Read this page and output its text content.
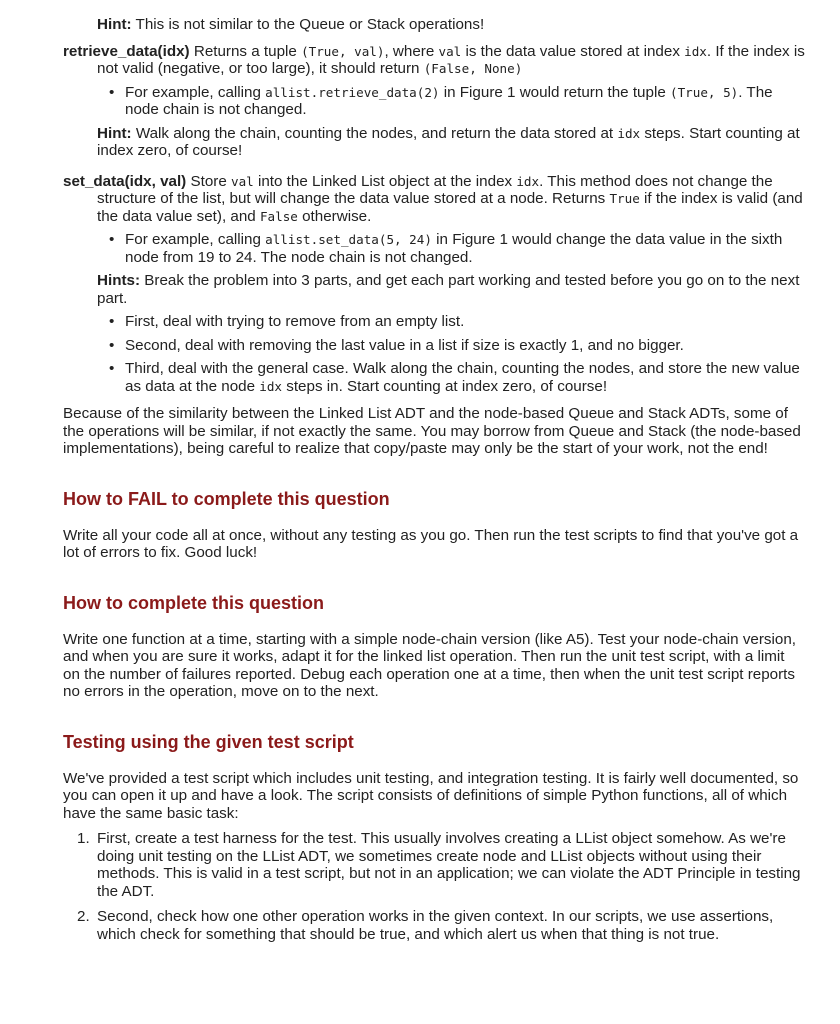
Hint: This is not similar to the Queue or Stack operations!

retrieve_data(idx) Returns a tuple (True, val), where val is the data value stored at index idx. If the index is not valid (negative, or too large), it should return (False, None)

• For example, calling allist.retrieve_data(2) in Figure 1 would return the tuple (True, 5). The node chain is not changed.

Hint: Walk along the chain, counting the nodes, and return the data stored at idx steps. Start counting at index zero, of course!

set_data(idx, val) Store val into the Linked List object at the index idx. This method does not change the structure of the list, but will change the data value stored at a node. Returns True if the index is valid (and the data value set), and False otherwise.

• For example, calling allist.set_data(5, 24) in Figure 1 would change the data value in the sixth node from 19 to 24. The node chain is not changed.

Hints: Break the problem into 3 parts, and get each part working and tested before you go on to the next part.

• First, deal with trying to remove from an empty list.
• Second, deal with removing the last value in a list if size is exactly 1, and no bigger.
• Third, deal with the general case. Walk along the chain, counting the nodes, and store the new value as data at the node idx steps in. Start counting at index zero, of course!

Because of the similarity between the Linked List ADT and the node-based Queue and Stack ADTs, some of the operations will be similar, if not exactly the same. You may borrow from Queue and Stack (the node-based implementations), being careful to realize that copy/paste may only be the start of your work, not the end!

How to FAIL to complete this question

Write all your code all at once, without any testing as you go. Then run the test scripts to find that you've got a lot of errors to fix. Good luck!

How to complete this question

Write one function at a time, starting with a simple node-chain version (like A5). Test your node-chain version, and when you are sure it works, adapt it for the linked list operation. Then run the unit test script, with a limit on the number of failures reported. Debug each operation one at a time, then when the unit test script reports no errors in the operation, move on to the next.

Testing using the given test script

We've provided a test script which includes unit testing, and integration testing. It is fairly well documented, so you can open it up and have a look. The script consists of definitions of simple Python functions, all of which have the same basic task:

1. First, create a test harness for the test. This usually involves creating a LList object somehow. As we're doing unit testing on the LList ADT, we sometimes create node and LList objects without using their methods. This is valid in a test script, but not in an application; we can violate the ADT Principle in testing the ADT.
2. Second, check how one other operation works in the given context. In our scripts, we use assertions, which check for something that should be true, and which alert us when that thing is not true.
